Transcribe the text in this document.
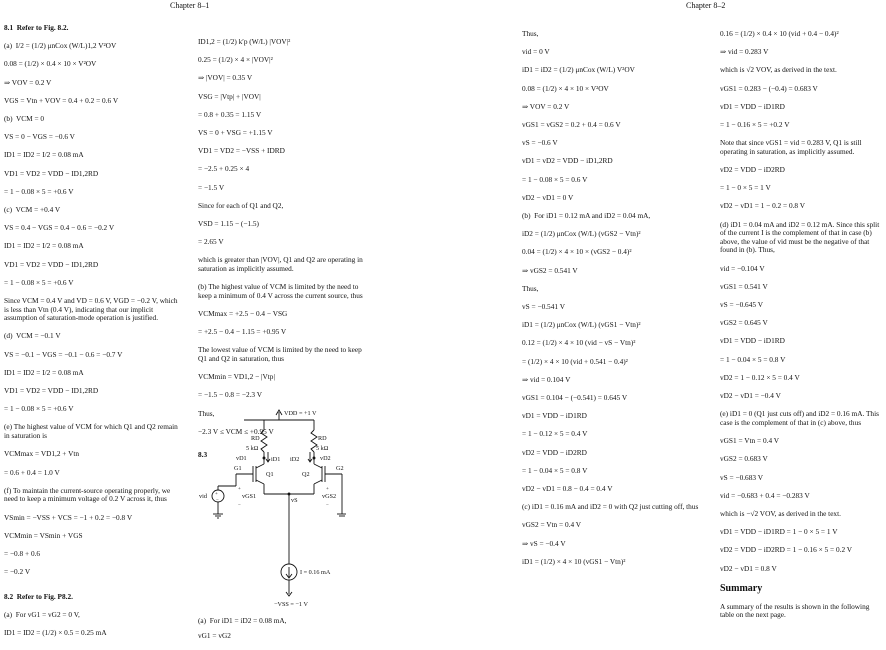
Chapter 8–1	Chapter 8–2
8.1  Refer to Fig. 8.2.
(a)  I/2 = (1/2) μnCox (W/L)1,2 V²OV
0.08 = (1/2) × 0.4 × 10 × V²OV
⇒ VOV = 0.2 V
VGS = Vtn + VOV = 0.4 + 0.2 = 0.6 V
(b)  VCM = 0
VS = 0 − VGS = −0.6 V
ID1 = ID2 = I/2 = 0.08 mA
VD1 = VD2 = VDD − ID1,2RD
= 1 − 0.08 × 5 = +0.6 V
(c)  VCM = +0.4 V
VS = 0.4 − VGS = 0.4 − 0.6 = −0.2 V
ID1 = ID2 = I/2 = 0.08 mA
VD1 = VD2 = VDD − ID1,2RD
= 1 − 0.08 × 5 = +0.6 V
Since VCM = 0.4 V and VD = 0.6 V, VGD = −0.2 V, which is less than Vtn (0.4 V), indicating that our implicit assumption of saturation-mode operation is justified.
(d)  VCM = −0.1 V
VS = −0.1 − VGS = −0.1 − 0.6 = −0.7 V
ID1 = ID2 = I/2 = 0.08 mA
VD1 = VD2 = VDD − ID1,2RD
= 1 − 0.08 × 5 = +0.6 V
(e) The highest value of VCM for which Q1 and Q2 remain in saturation is
VCMmax = VD1,2 + Vtn
= 0.6 + 0.4 = 1.0 V
(f) To maintain the current-source operating properly, we need to keep a minimum voltage of 0.2 V across it, thus
VSmin = −VSS + VCS = −1 + 0.2 = −0.8 V
VCMmin = VSmin + VGS
= −0.8 + 0.6
= −0.2 V
8.2  Refer to Fig. P8.2.
(a)  For vG1 = vG2 = 0 V,
ID1 = ID2 = (1/2) × 0.5 = 0.25 mA
ID1,2 = (1/2) k′p (W/L) |VOV|²
0.25 = (1/2) × 4 × |VOV|²
⇒ |VOV| = 0.35 V
VSG = |Vtp| + |VOV|
= 0.8 + 0.35 = 1.15 V
VS = 0 + VSG = +1.15 V
VD1 = VD2 = −VSS + IDRD
= −2.5 + 0.25 × 4
= −1.5 V
Since for each of Q1 and Q2,
VSD = 1.15 − (−1.5)
= 2.65 V
which is greater than |VOV|, Q1 and Q2 are operating in saturation as implicitly assumed.
(b) The highest value of VCM is limited by the need to keep a minimum of 0.4 V across the current source, thus
VCMmax = +2.5 − 0.4 − VSG
= +2.5 − 0.4 − 1.15 = +0.95 V
The lowest value of VCM is limited by the need to keep Q1 and Q2 in saturation, thus
VCMmin = VD1,2 − |Vtp|
= −1.5 − 0.8 = −2.3 V
Thus,
−2.3 V ≤ VCM ≤ +0.95 V
8.3
(a)  For iD1 = iD2 = 0.08 mA,
vG1 = vG2
VDD = +1 V
RD
5 kΩ
vD1
RD
5 kΩ
vD2
iD1 iD2
Q1
G1
Q2
G2
vS
+
−
vid
+
−
vGS1
+
−
vGS2
I = 0.16 mA
−VSS = −1 V
Thus,
vid = 0 V
iD1 = iD2 = (1/2) μnCox (W/L) V²OV
0.08 = (1/2) × 4 × 10 × V²OV
⇒ VOV = 0.2 V
vGS1 = vGS2 = 0.2 + 0.4 = 0.6 V
vS = −0.6 V
vD1 = vD2 = VDD − iD1,2RD
= 1 − 0.08 × 5 = 0.6 V
vD2 − vD1 = 0 V
(b)  For iD1 = 0.12 mA and iD2 = 0.04 mA,
iD2 = (1/2) μnCox (W/L) (vGS2 − Vtn)²
0.04 = (1/2) × 4 × 10 × (vGS2 − 0.4)²
⇒ vGS2 = 0.541 V
Thus,
vS = −0.541 V
iD1 = (1/2) μnCox (W/L) (vGS1 − Vtn)²
0.12 = (1/2) × 4 × 10 (vid − vS − Vtn)²
= (1/2) × 4 × 10 (vid + 0.541 − 0.4)²
⇒ vid = 0.104 V
vGS1 = 0.104 − (−0.541) = 0.645 V
vD1 = VDD − iD1RD
= 1 − 0.12 × 5 = 0.4 V
vD2 = VDD − iD2RD
= 1 − 0.04 × 5 = 0.8 V
vD2 − vD1 = 0.8 − 0.4 = 0.4 V
(c) iD1 = 0.16 mA and iD2 = 0 with Q2 just cutting off, thus
vGS2 = Vtn = 0.4 V
⇒ vS = −0.4 V
iD1 = (1/2) × 4 × 10 (vGS1 − Vtn)²
0.16 = (1/2) × 0.4 × 10 (vid + 0.4 − 0.4)²
⇒ vid = 0.283 V
which is √2 VOV, as derived in the text.
vGS1 = 0.283 − (−0.4) = 0.683 V
vD1 = VDD − iD1RD
= 1 − 0.16 × 5 = +0.2 V
Note that since vGS1 = vid = 0.283 V, Q1 is still operating in saturation, as implicitly assumed.
vD2 = VDD − iD2RD
= 1 − 0 × 5 = 1 V
vD2 − vD1 = 1 − 0.2 = 0.8 V
(d) iD1 = 0.04 mA and iD2 = 0.12 mA. Since this split of the current I is the complement of that in case (b) above, the value of vid must be the negative of that found in (b). Thus,
vid = −0.104 V
vGS1 = 0.541 V
vS = −0.645 V
vGS2 = 0.645 V
vD1 = VDD − iD1RD
= 1 − 0.04 × 5 = 0.8 V
vD2 = 1 − 0.12 × 5 = 0.4 V
vD2 − vD1 = −0.4 V
(e) iD1 = 0 (Q1 just cuts off) and iD2 = 0.16 mA. This case is the complement of that in (c) above, thus
vGS1 = Vtn = 0.4 V
vGS2 = 0.683 V
vS = −0.683 V
vid = −0.683 + 0.4 = −0.283 V
which is −√2 VOV, as derived in the text.
vD1 = VDD − iD1RD = 1 − 0 × 5 = 1 V
vD2 = VDD − iD2RD = 1 − 0.16 × 5 = 0.2 V
vD2 − vD1 = 0.8 V
Summary
A summary of the results is shown in the following table on the next page.
